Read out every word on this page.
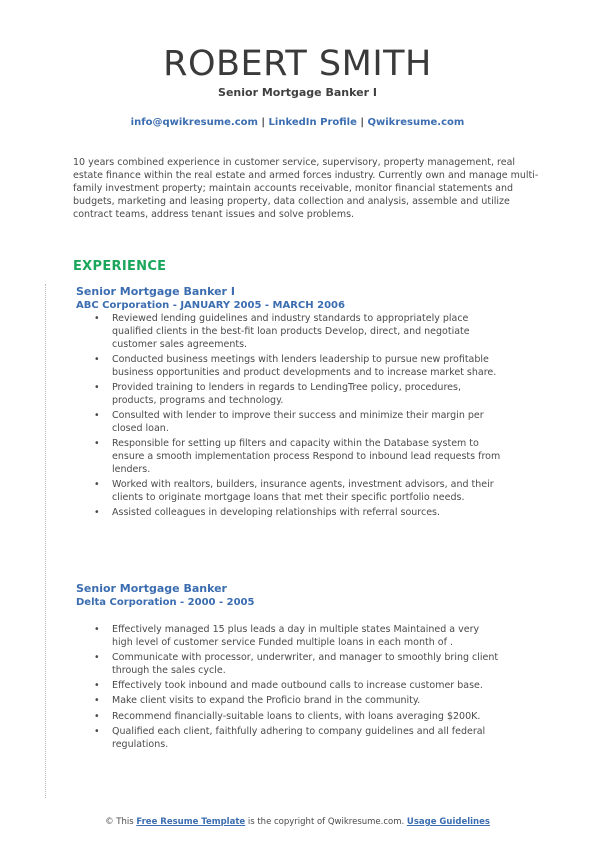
ROBERT SMITH
Senior Mortgage Banker I
info@qwikresume.com | LinkedIn Profile | Qwikresume.com
10 years combined experience in customer service, supervisory, property management, real estate finance within the real estate and armed forces industry. Currently own and manage multi-family investment property; maintain accounts receivable, monitor financial statements and budgets, marketing and leasing property, data collection and analysis, assemble and utilize contract teams, address tenant issues and solve problems.
EXPERIENCE
Senior Mortgage Banker I
ABC Corporation - JANUARY 2005 - MARCH 2006
• Reviewed lending guidelines and industry standards to appropriately place qualified clients in the best-fit loan products Develop, direct, and negotiate customer sales agreements.
• Conducted business meetings with lenders leadership to pursue new profitable business opportunities and product developments and to increase market share.
• Provided training to lenders in regards to LendingTree policy, procedures, products, programs and technology.
• Consulted with lender to improve their success and minimize their margin per closed loan.
• Responsible for setting up filters and capacity within the Database system to ensure a smooth implementation process Respond to inbound lead requests from lenders.
• Worked with realtors, builders, insurance agents, investment advisors, and their clients to originate mortgage loans that met their specific portfolio needs.
• Assisted colleagues in developing relationships with referral sources.
Senior Mortgage Banker
Delta Corporation - 2000 - 2005
• Effectively managed 15 plus leads a day in multiple states Maintained a very high level of customer service Funded multiple loans in each month of .
• Communicate with processor, underwriter, and manager to smoothly bring client through the sales cycle.
• Effectively took inbound and made outbound calls to increase customer base.
• Make client visits to expand the Proficio brand in the community.
• Recommend financially-suitable loans to clients, with loans averaging $200K.
• Qualified each client, faithfully adhering to company guidelines and all federal regulations.
© This Free Resume Template is the copyright of Qwikresume.com. Usage Guidelines
